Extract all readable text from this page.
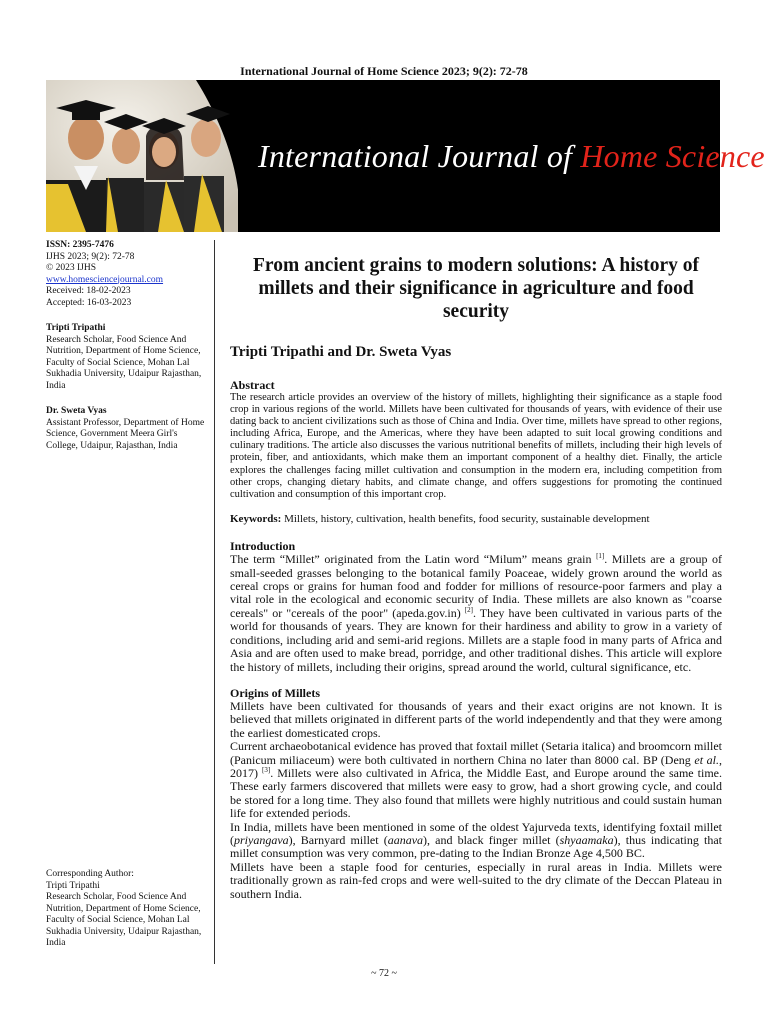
International Journal of Home Science 2023; 9(2): 72-78
International Journal of Home Science
ISSN: 2395-7476
IJHS 2023; 9(2): 72-78
© 2023 IJHS
www.homesciencejournal.com
Received: 18-02-2023
Accepted: 16-03-2023
Tripti Tripathi
Research Scholar, Food Science And Nutrition, Department of Home Science, Faculty of Social Science, Mohan Lal Sukhadia University, Udaipur Rajasthan, India
Dr. Sweta Vyas
Assistant Professor, Department of Home Science, Government Meera Girl's College, Udaipur, Rajasthan, India
Corresponding Author:
Tripti Tripathi
Research Scholar, Food Science And Nutrition, Department of Home Science, Faculty of Social Science, Mohan Lal Sukhadia University, Udaipur Rajasthan, India
From ancient grains to modern solutions: A history of millets and their significance in agriculture and food security
Tripti Tripathi and Dr. Sweta Vyas
Abstract

The research article provides an overview of the history of millets, highlighting their significance as a staple food crop in various regions of the world. Millets have been cultivated for thousands of years, with evidence of their use dating back to ancient civilizations such as those of China and India. Over time, millets have spread to other regions, including Africa, Europe, and the Americas, where they have been adapted to suit local growing conditions and culinary traditions. The article also discusses the various nutritional benefits of millets, including their high levels of protein, fiber, and antioxidants, which make them an important component of a healthy diet. Finally, the article explores the challenges facing millet cultivation and consumption in the modern era, including competition from other crops, changing dietary habits, and climate change, and offers suggestions for promoting the continued cultivation and consumption of this important crop.

Keywords: Millets, history, cultivation, health benefits, food security, sustainable development

Introduction

The term “Millet” originated from the Latin word “Milum” means grain [1]. Millets are a group of small-seeded grasses belonging to the botanical family Poaceae, widely grown around the world as cereal crops or grains for human food and fodder for millions of resource-poor farmers and play a vital role in the ecological and economic security of India. These millets are also known as "coarse cereals" or "cereals of the poor" (apeda.gov.in) [2]. They have been cultivated in various parts of the world for thousands of years. They are known for their hardiness and ability to grow in a variety of conditions, including arid and semi-arid regions. Millets are a staple food in many parts of Africa and Asia and are often used to make bread, porridge, and other traditional dishes. This article will explore the history of millets, including their origins, spread around the world, cultural significance, etc.

Origins of Millets

Millets have been cultivated for thousands of years and their exact origins are not known. It is believed that millets originated in different parts of the world independently and that they were among the earliest domesticated crops.

Current archaeobotanical evidence has proved that foxtail millet (Setaria italica) and broomcorn millet (Panicum miliaceum) were both cultivated in northern China no later than 8000 cal. BP (Deng et al., 2017) [3]. Millets were also cultivated in Africa, the Middle East, and Europe around the same time. These early farmers discovered that millets were easy to grow, had a short growing cycle, and could be stored for a long time. They also found that millets were highly nutritious and could sustain human life for extended periods.

In India, millets have been mentioned in some of the oldest Yajurveda texts, identifying foxtail millet (priyangava), Barnyard millet (aanava), and black finger millet (shyaamaka), thus indicating that millet consumption was very common, pre-dating to the Indian Bronze Age 4,500 BC.

Millets have been a staple food for centuries, especially in rural areas in India. Millets were traditionally grown as rain-fed crops and were well-suited to the dry climate of the Deccan Plateau in southern India.

~ 72 ~
